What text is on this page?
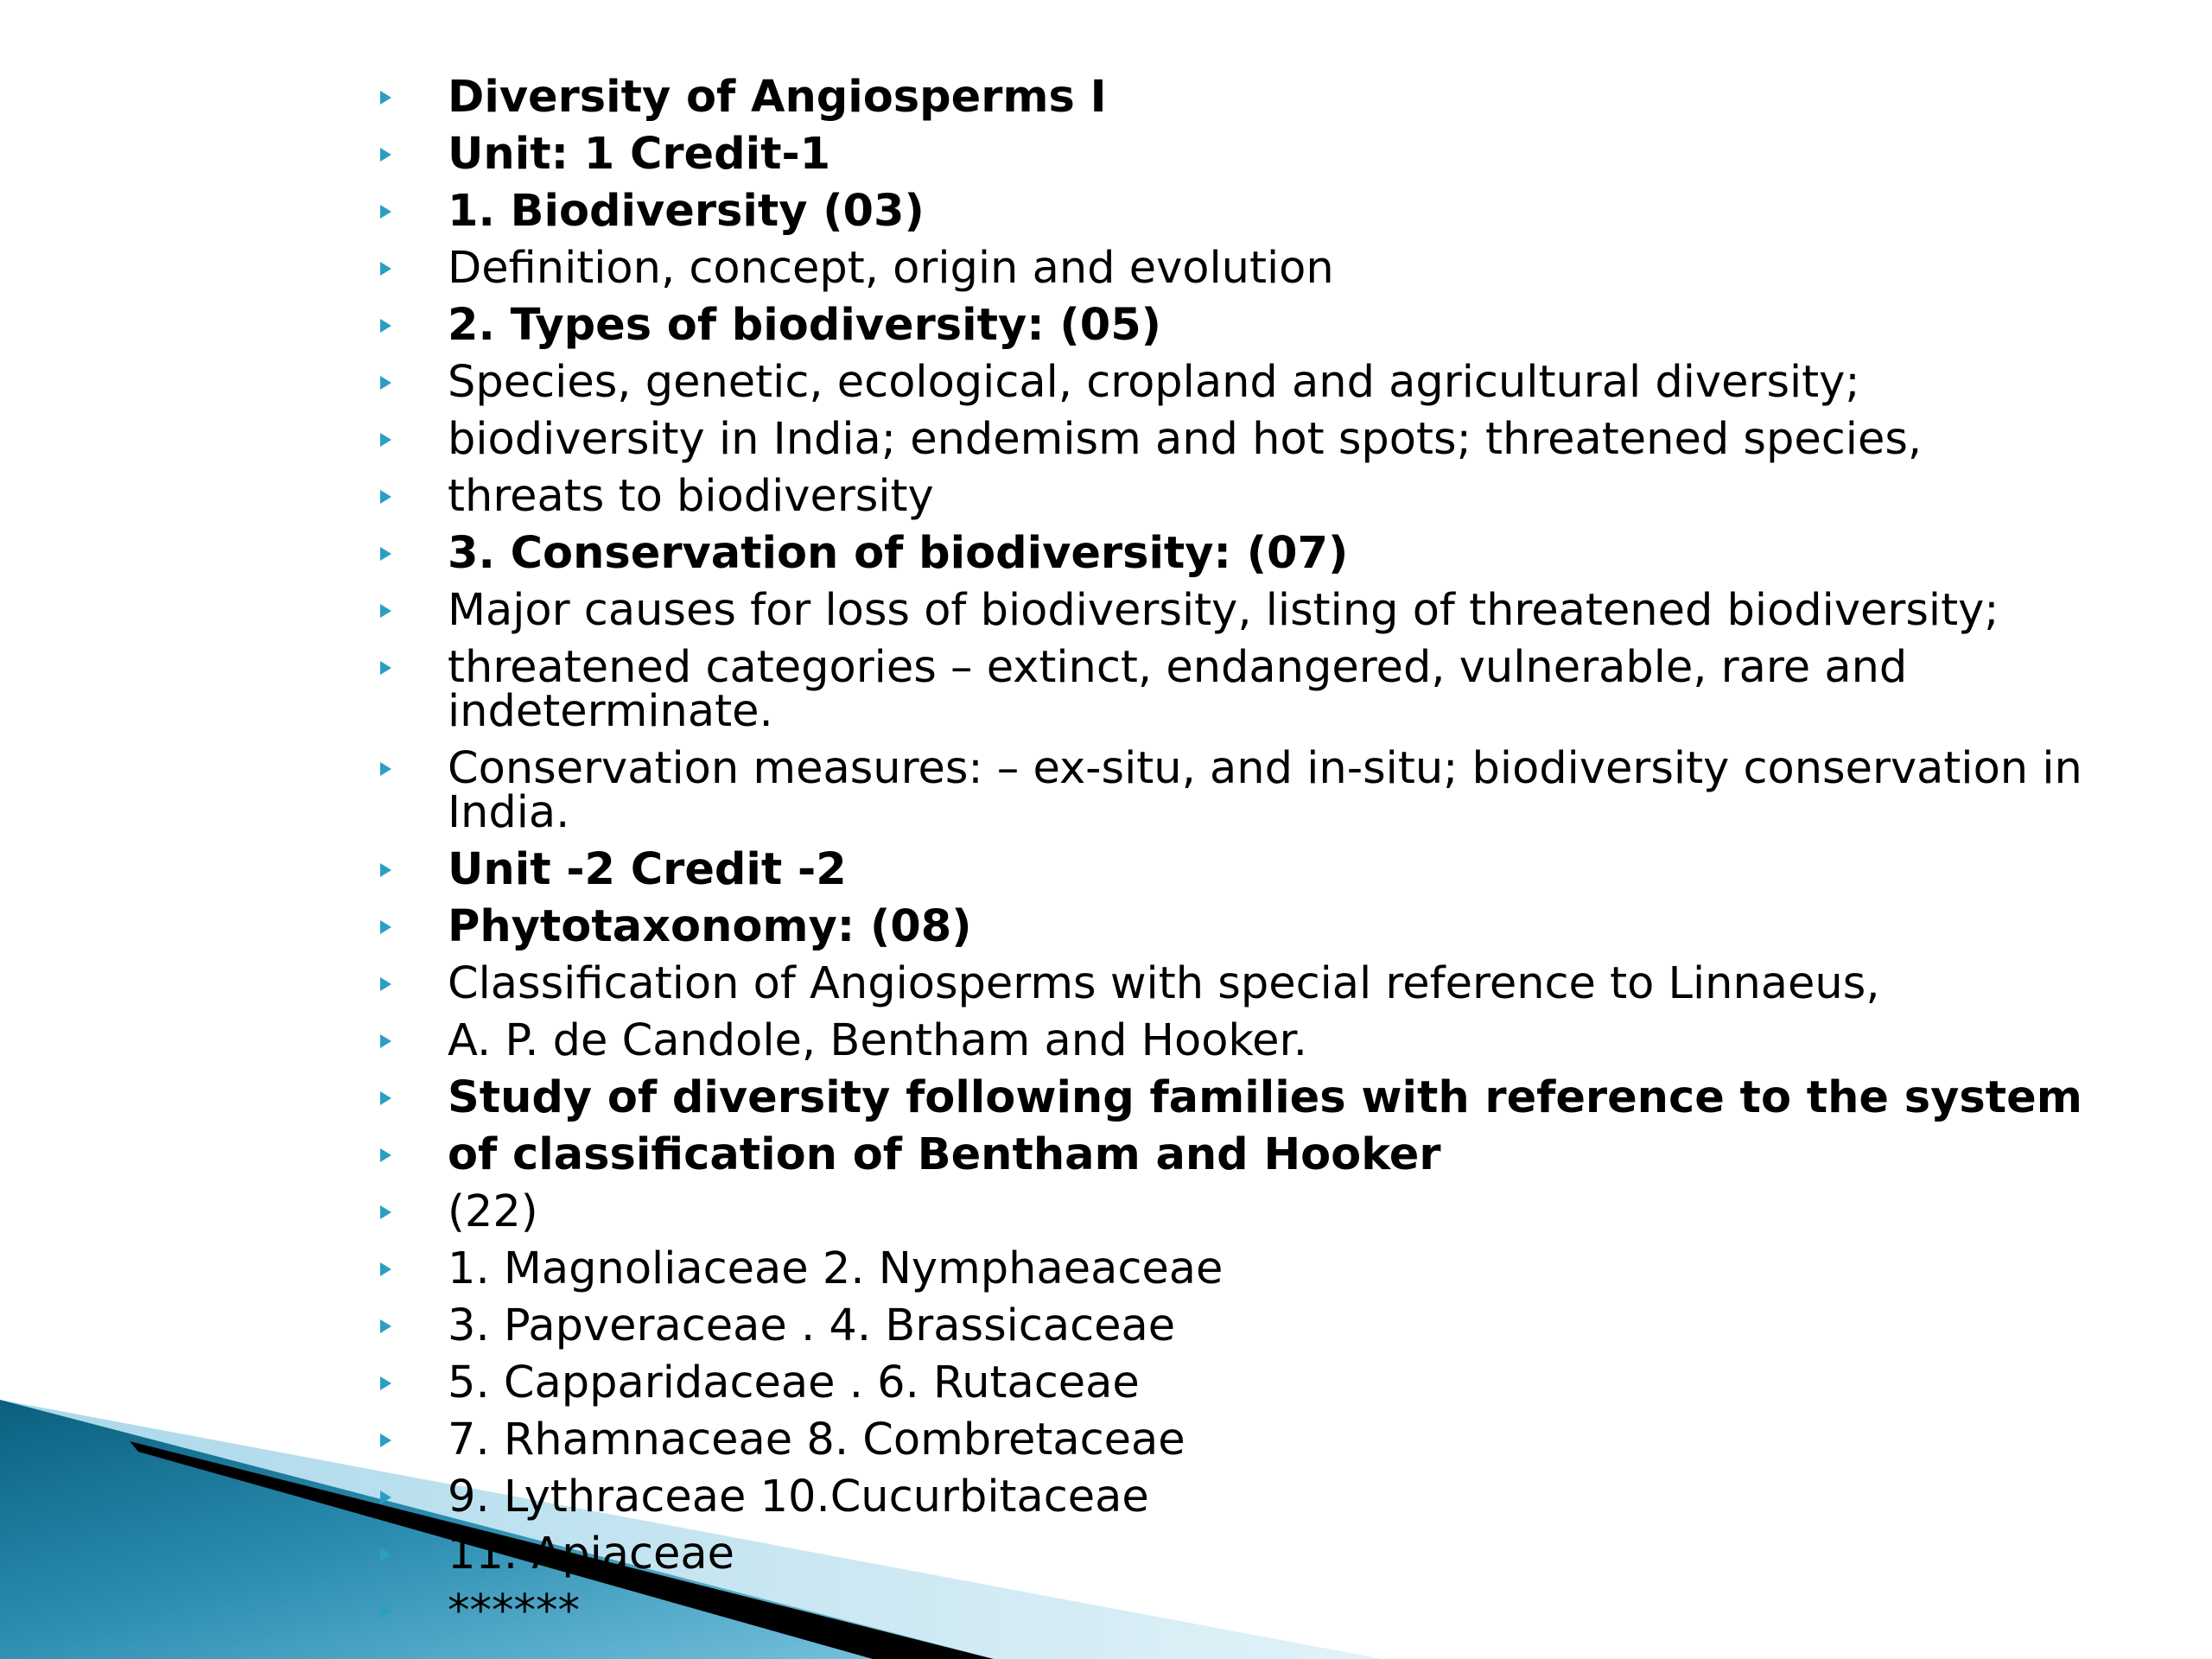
Diversity of Angiosperms I
Unit: 1 Credit-1
1. Biodiversity (03)
Definition, concept, origin and evolution
2. Types of biodiversity: (05)
Species, genetic, ecological, cropland and agricultural diversity;
biodiversity in India; endemism and hot spots; threatened species,
threats to biodiversity
3. Conservation of biodiversity: (07)
Major causes for loss of biodiversity, listing of threatened biodiversity;
threatened categories – extinct, endangered, vulnerable, rare and indeterminate.
Conservation measures: – ex-situ, and in-situ; biodiversity conservation in India.
Unit -2 Credit -2
Phytotaxonomy: (08)
Classification of Angiosperms with special reference to Linnaeus,
A. P. de Candole, Bentham and Hooker.
Study of diversity following families with reference to the system
of classification of Bentham and Hooker
(22)
1. Magnoliaceae 2. Nymphaeaceae
3. Papveraceae . 4. Brassicaceae
5. Capparidaceae . 6. Rutaceae
7. Rhamnaceae 8. Combretaceae
9. Lythraceae 10.Cucurbitaceae
11. Apiaceae
******
